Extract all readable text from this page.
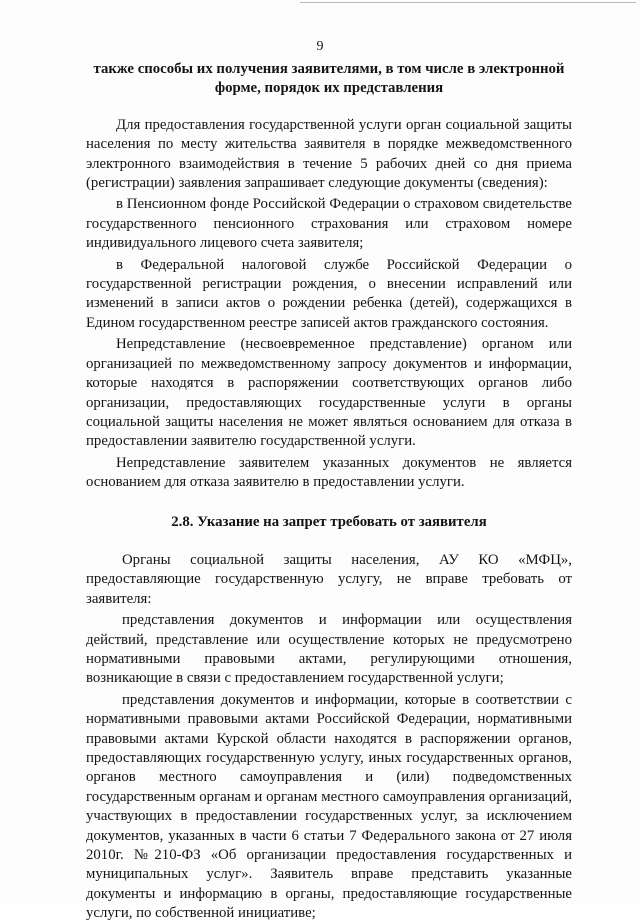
9

также способы их получения заявителями, в том числе в электронной форме, порядок их представления

Для предоставления государственной услуги орган социальной защиты населения по месту жительства заявителя в порядке межведомственного электронного взаимодействия в течение 5 рабочих дней со дня приема (регистрации) заявления запрашивает следующие документы (сведения):

в Пенсионном фонде Российской Федерации о страховом свидетельстве государственного пенсионного страхования или страховом номере индивидуального лицевого счета заявителя;

в Федеральной налоговой службе Российской Федерации о государственной регистрации рождения, о внесении исправлений или изменений в записи актов о рождении ребенка (детей), содержащихся в Едином государственном реестре записей актов гражданского состояния.

Непредставление (несвоевременное представление) органом или организацией по межведомственному запросу документов и информации, которые находятся в распоряжении соответствующих органов либо организации, предоставляющих государственные услуги в органы социальной защиты населения не может являться основанием для отказа в предоставлении заявителю государственной услуги.

Непредставление заявителем указанных документов не является основанием для отказа заявителю в предоставлении услуги.

2.8. Указание на запрет требовать от заявителя

Органы социальной защиты населения, АУ КО «МФЦ», предоставляющие государственную услугу, не вправе требовать от заявителя:

представления документов и информации или осуществления действий, представление или осуществление которых не предусмотрено нормативными правовыми актами, регулирующими отношения, возникающие в связи с предоставлением государственной услуги;

представления документов и информации, которые в соответствии с нормативными правовыми актами Российской Федерации, нормативными правовыми актами Курской области находятся в распоряжении органов, предоставляющих государственную услугу, иных государственных органов, органов местного самоуправления и (или) подведомственных государственным органам и органам местного самоуправления организаций, участвующих в предоставлении государственных услуг, за исключением документов, указанных в части 6 статьи 7 Федерального закона от 27 июля 2010г. №210-ФЗ «Об организации предоставления государственных и муниципальных услуг». Заявитель вправе представить указанные документы и информацию в органы, предоставляющие государственные услуги, по собственной инициативе;
